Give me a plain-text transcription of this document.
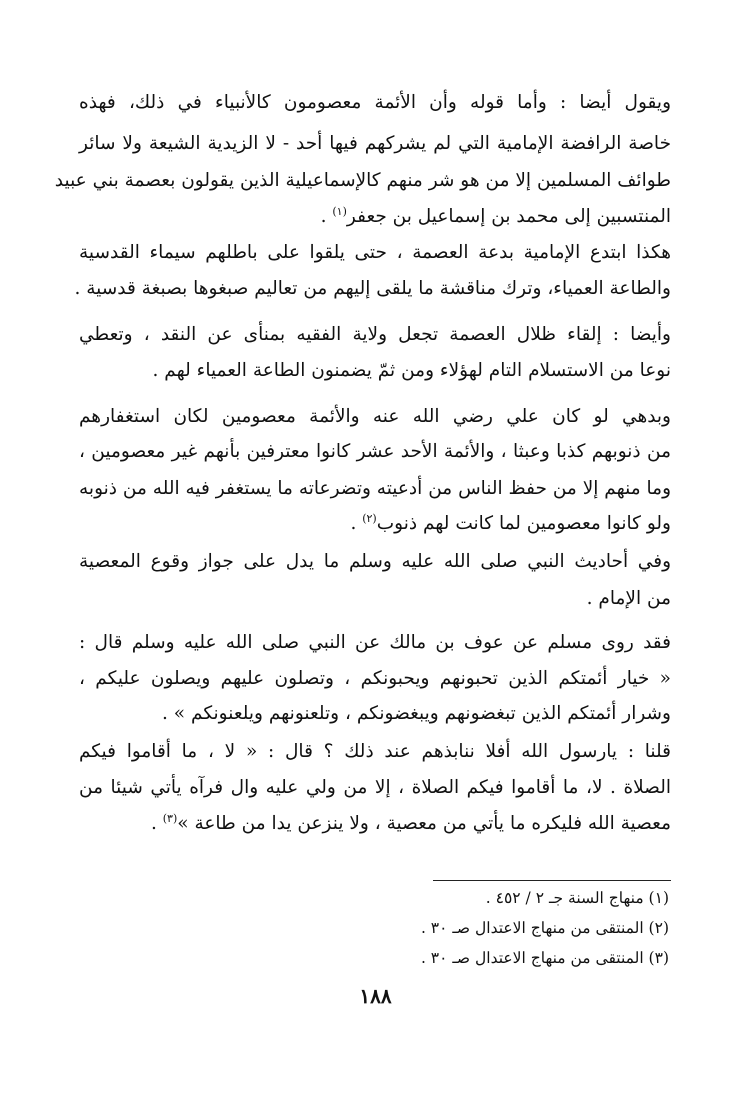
ويقول أيضا : وأما قوله وأن الأئمة معصومون كالأنبياء في ذلك، فهذه
خاصة الرافضة الإمامية التي لم يشركهم فيها أحد - لا الزيدية الشيعة ولا سائر
طوائف المسلمين إلا من هو شر منهم كالإسماعيلية الذين يقولون بعصمة بني عبيد
المنتسبين إلى محمد بن إسماعيل بن جعفر$^{(١)}$ .
هكذا ابتدع الإمامية بدعة العصمة ، حتى يلقوا على باطلهم سيماء القدسية
والطاعة العمياء، وترك مناقشة ما يلقى إليهم من تعاليم صبغوها بصبغة قدسية .
وأيضا : إلقاء ظلال العصمة تجعل ولاية الفقيه بمنأى عن النقد ، وتعطي
نوعا من الاستسلام التام لهؤلاء ومن ثمّ يضمنون الطاعة العمياء لهم .
وبدهي لو كان علي رضي الله عنه والأئمة معصومين لكان استغفارهم
من ذنوبهم كذبا وعبثا ، والأئمة الأحد عشر كانوا معترفين بأنهم غير معصومين ،
وما منهم إلا من حفظ الناس من أدعيته وتضرعاته ما يستغفر فيه الله من ذنوبه
ولو كانوا معصومين لما كانت لهم ذنوب$^{(٢)}$ .
وفي أحاديث النبي صلى الله عليه وسلم ما يدل على جواز وقوع المعصية
من الإمام .
فقد روى مسلم عن عوف بن مالك عن النبي صلى الله عليه وسلم قال :
« خيار أئمتكم الذين تحبونهم ويحبونكم ، وتصلون عليهم ويصلون عليكم ،
وشرار أئمتكم الذين تبغضونهم ويبغضونكم ، وتلعنونهم ويلعنونكم » .
قلنا : يارسول الله أفلا ننابذهم عند ذلك ؟ قال : « لا ، ما أقاموا فيكم
الصلاة . لا، ما أقاموا فيكم الصلاة ، إلا من ولي عليه وال فرآه يأتي شيئا من
معصية الله فليكره ما يأتي من معصية ، ولا ينزعن يدا من طاعة »$^{(٣)}$ .
(١) منهاج السنة جـ ٢ / ٤٥٢ .
(٢) المنتقى من منهاج الاعتدال صـ ٣٠ .
(٣) المنتقى من منهاج الاعتدال صـ ٣٠ .
١٨٨
